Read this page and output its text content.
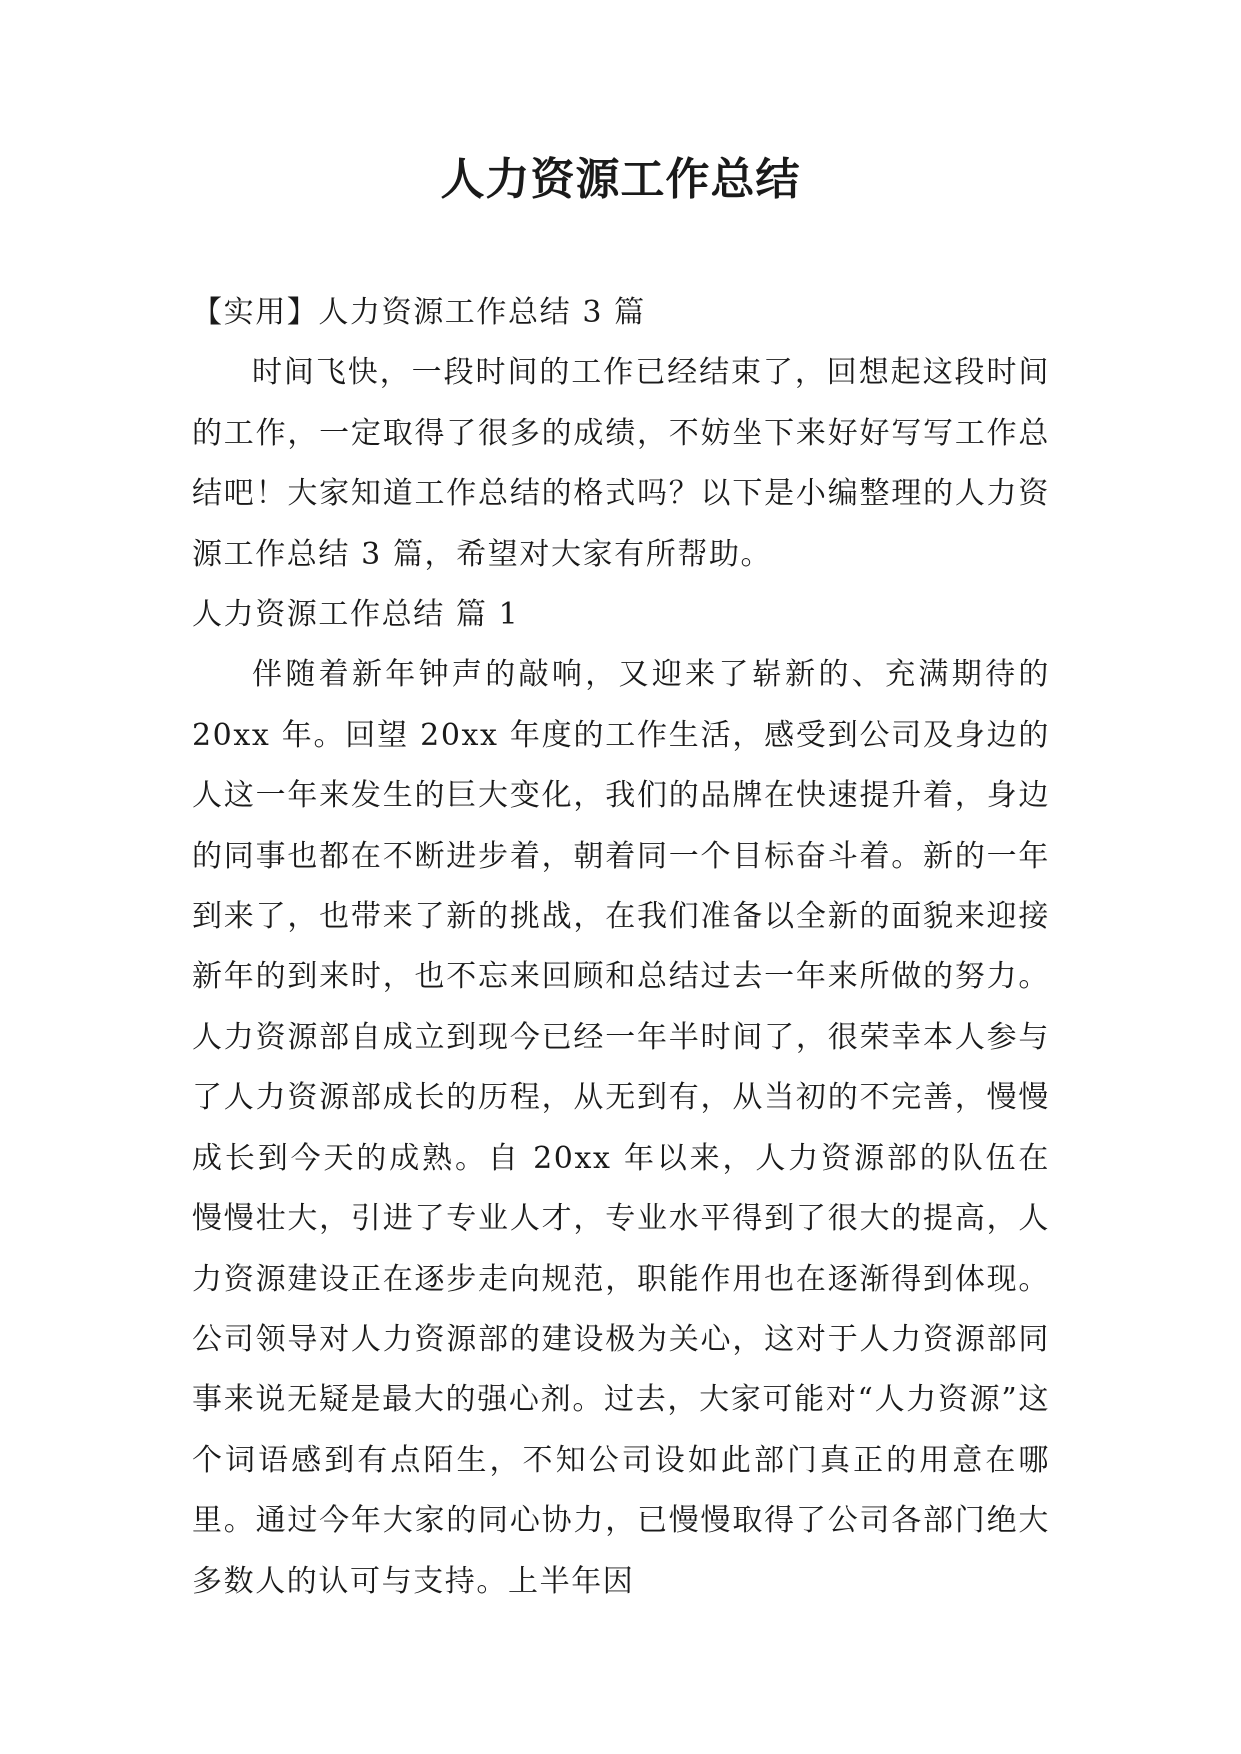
人力资源工作总结

【实用】人力资源工作总结 3 篇

时间飞快，一段时间的工作已经结束了，回想起这段时间的工作，一定取得了很多的成绩，不妨坐下来好好写写工作总结吧！大家知道工作总结的格式吗？以下是小编整理的人力资源工作总结 3 篇，希望对大家有所帮助。

人力资源工作总结 篇 1

伴随着新年钟声的敲响，又迎来了崭新的、充满期待的 20xx 年。回望 20xx 年度的工作生活，感受到公司及身边的人这一年来发生的巨大变化，我们的品牌在快速提升着，身边的同事也都在不断进步着，朝着同一个目标奋斗着。新的一年到来了，也带来了新的挑战，在我们准备以全新的面貌来迎接新年的到来时，也不忘来回顾和总结过去一年来所做的努力。人力资源部自成立到现今已经一年半时间了，很荣幸本人参与了人力资源部成长的历程，从无到有，从当初的不完善，慢慢成长到今天的成熟。自 20xx 年以来，人力资源部的队伍在慢慢壮大，引进了专业人才，专业水平得到了很大的提高，人力资源建设正在逐步走向规范，职能作用也在逐渐得到体现。公司领导对人力资源部的建设极为关心，这对于人力资源部同事来说无疑是最大的强心剂。过去，大家可能对“人力资源”这个词语感到有点陌生，不知公司设如此部门真正的用意在哪里。通过今年大家的同心协力，已慢慢取得了公司各部门绝大多数人的认可与支持。上半年因
